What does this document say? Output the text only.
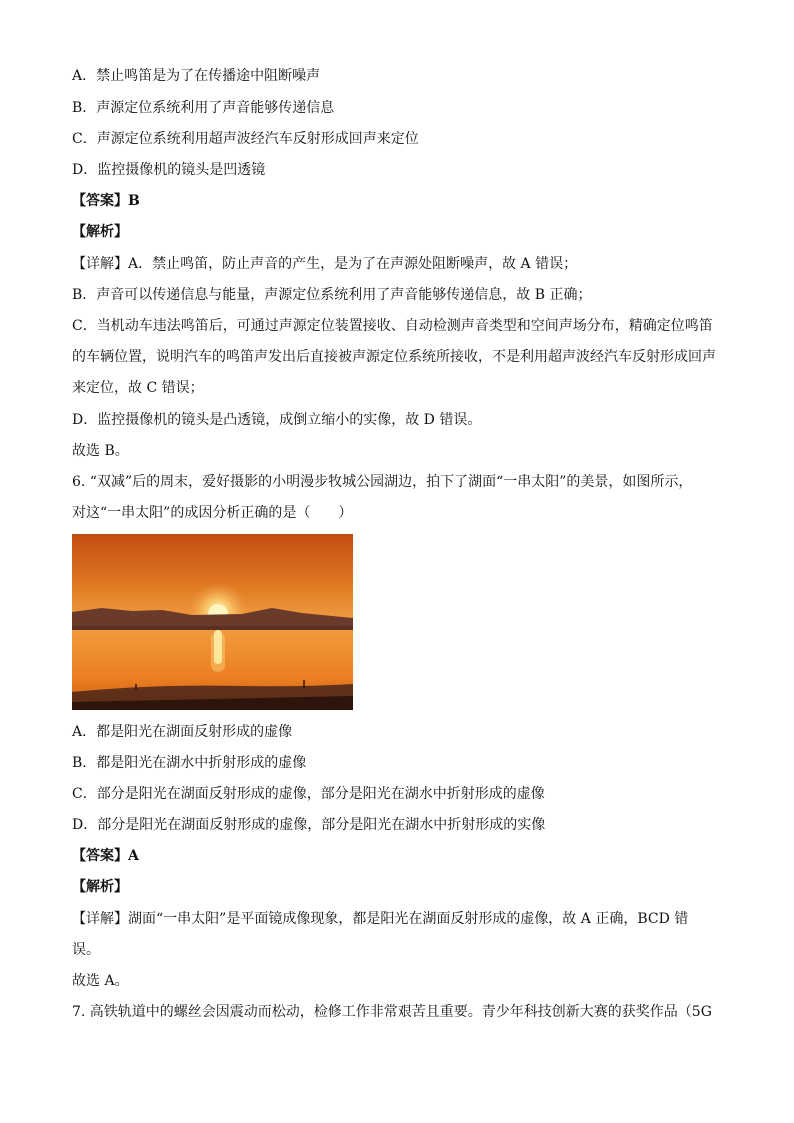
A．禁止鸣笛是为了在传播途中阻断噪声
B．声源定位系统利用了声音能够传递信息
C．声源定位系统利用超声波经汽车反射形成回声来定位
D．监控摄像机的镜头是凹透镜
【答案】B
【解析】
【详解】A．禁止鸣笛，防止声音的产生，是为了在声源处阻断噪声，故 A 错误；
B．声音可以传递信息与能量，声源定位系统利用了声音能够传递信息，故 B 正确；
C．当机动车违法鸣笛后，可通过声源定位装置接收、自动检测声音类型和空间声场分布，精确定位鸣笛
的车辆位置，说明汽车的鸣笛声发出后直接被声源定位系统所接收，不是利用超声波经汽车反射形成回声
来定位，故 C 错误；
D．监控摄像机的镜头是凸透镜，成倒立缩小的实像，故 D 错误。
故选 B。
6. “双减”后的周末，爱好摄影的小明漫步牧城公园湖边，拍下了湖面“一串太阳”的美景，如图所示，
对这“一串太阳”的成因分析正确的是（　　）
A．都是阳光在湖面反射形成的虚像
B．都是阳光在湖水中折射形成的虚像
C．部分是阳光在湖面反射形成的虚像，部分是阳光在湖水中折射形成的虚像
D．部分是阳光在湖面反射形成的虚像，部分是阳光在湖水中折射形成的实像
【答案】A
【解析】
【详解】湖面“一串太阳”是平面镜成像现象，都是阳光在湖面反射形成的虚像，故 A 正确，BCD 错
误。
故选 A。
7. 高铁轨道中的螺丝会因震动而松动，检修工作非常艰苦且重要。青少年科技创新大赛的获奖作品（5G
